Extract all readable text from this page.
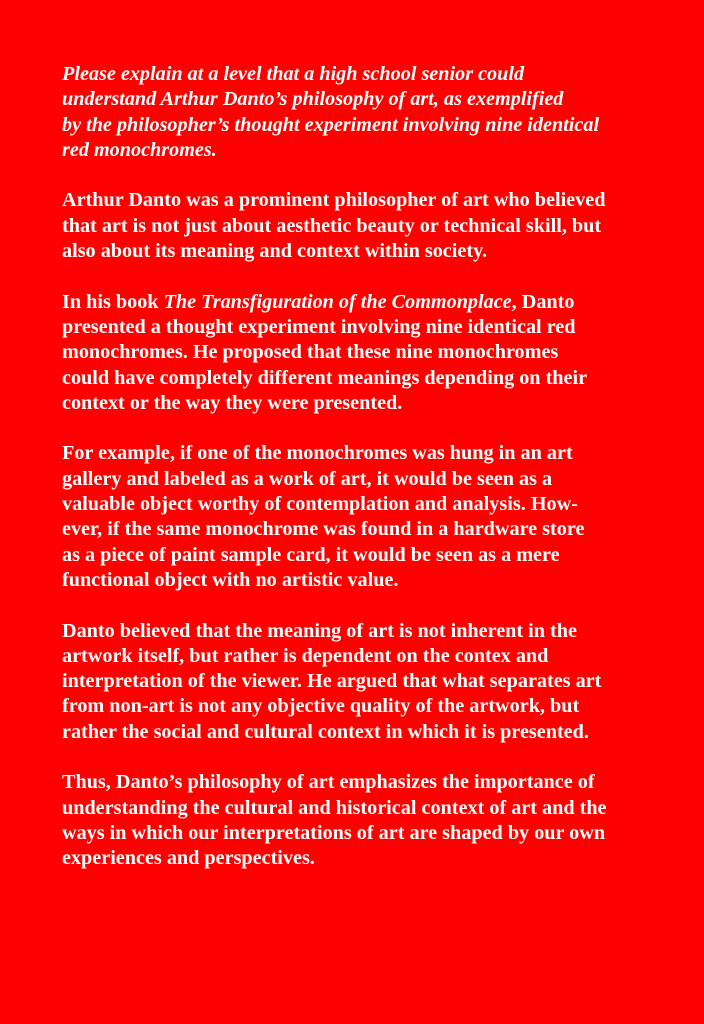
Please explain at a level that a high school senior could
understand Arthur Danto’s philosophy of art, as exemplified
by the philosopher’s thought experiment involving nine identical
red monochromes.

Arthur Danto was a prominent philosopher of art who believed
that art is not just about aesthetic beauty or technical skill, but
also about its meaning and context within society.

In his book The Transfiguration of the Commonplace, Danto
presented a thought experiment involving nine identical red
monochromes. He proposed that these nine monochromes
could have completely different meanings depending on their
context or the way they were presented.

For example, if one of the monochromes was hung in an art
gallery and labeled as a work of art, it would be seen as a
valuable object worthy of contemplation and analysis. How-
ever, if the same monochrome was found in a hardware store
as a piece of paint sample card, it would be seen as a mere
functional object with no artistic value.

Danto believed that the meaning of art is not inherent in the
artwork itself, but rather is dependent on the contex and
interpretation of the viewer. He argued that what separates art
from non-art is not any objective quality of the artwork, but
rather the social and cultural context in which it is presented.

Thus, Danto’s philosophy of art emphasizes the importance of
understanding the cultural and historical context of art and the
ways in which our interpretations of art are shaped by our own
experiences and perspectives.
